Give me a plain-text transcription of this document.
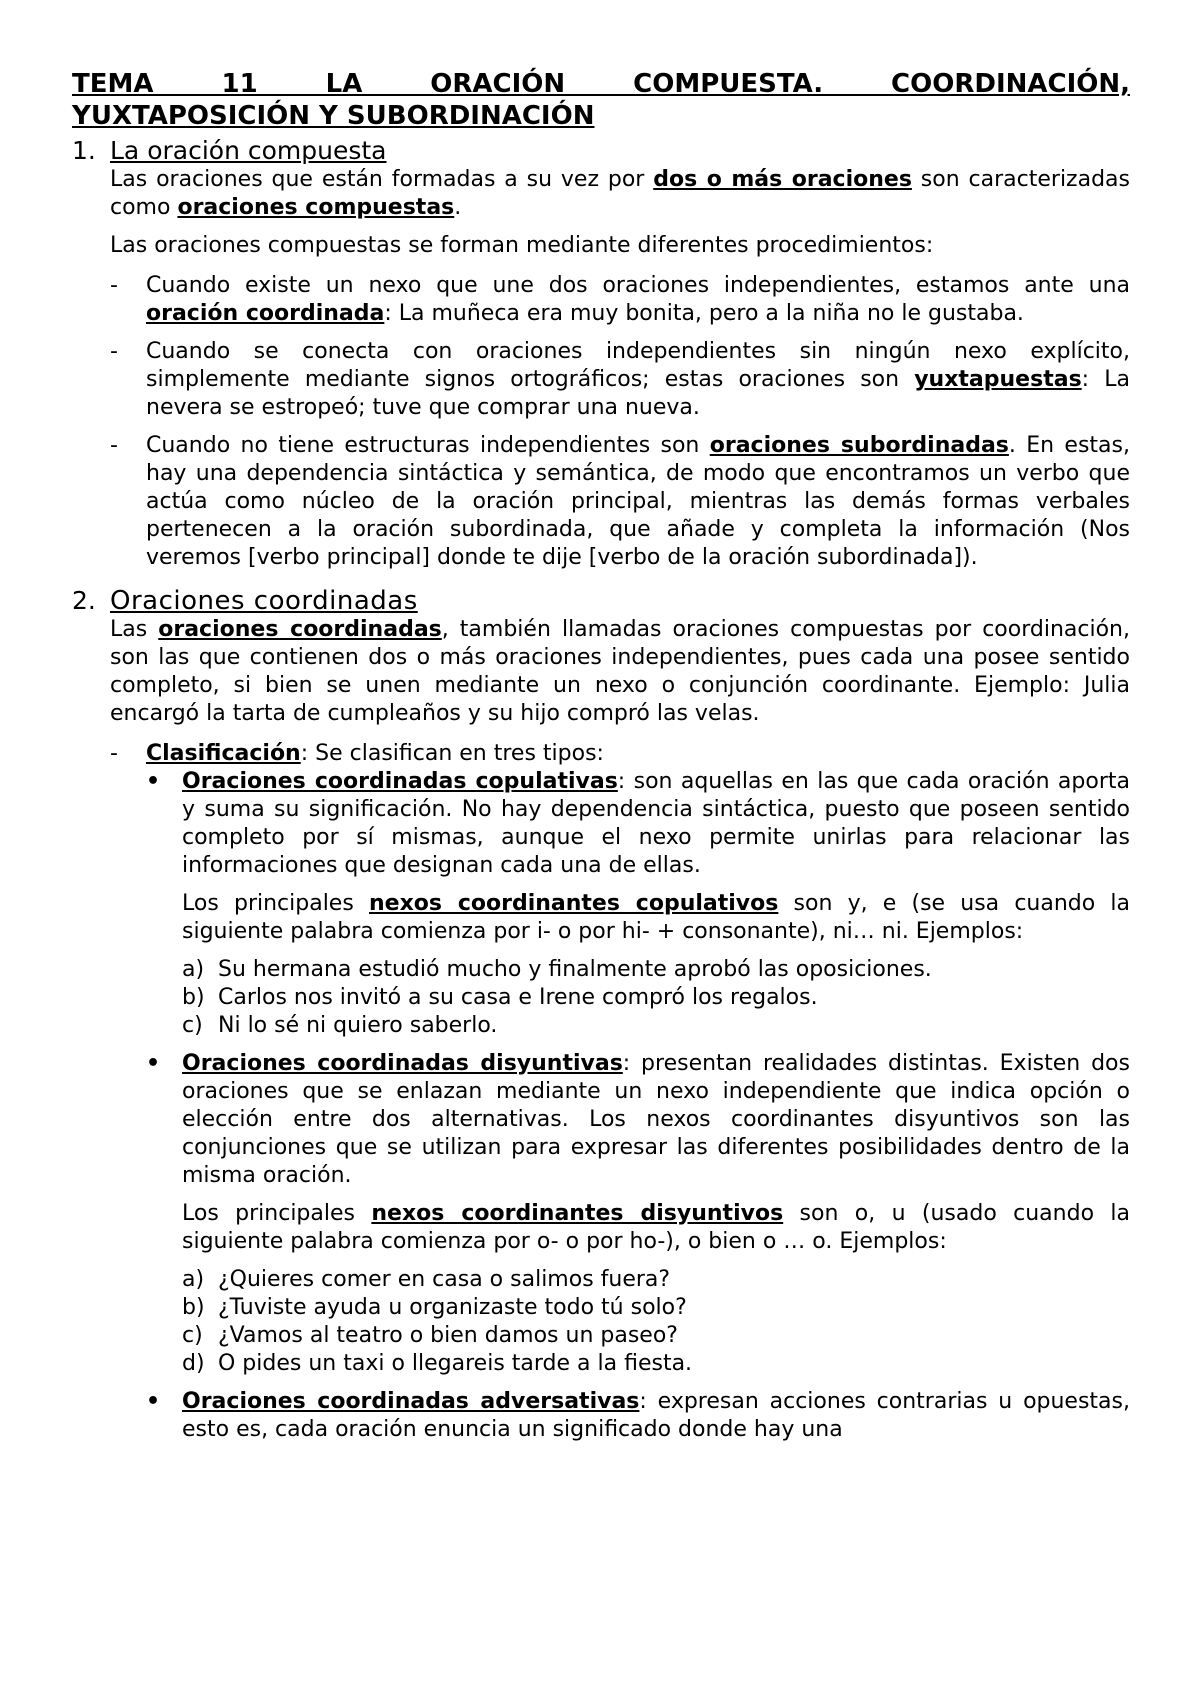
TEMA 11 LA ORACIÓN COMPUESTA. COORDINACIÓN,
YUXTAPOSICIÓN Y SUBORDINACIÓN
1. La oración compuesta

Las oraciones que están formadas a su vez por dos o más oraciones son caracterizadas como oraciones compuestas.

Las oraciones compuestas se forman mediante diferentes procedimientos:

-	Cuando existe un nexo que une dos oraciones independientes, estamos ante una oración coordinada: La muñeca era muy bonita, pero a la niña no le gustaba.
-	Cuando se conecta con oraciones independientes sin ningún nexo explícito, simplemente mediante signos ortográficos; estas oraciones son yuxtapuestas: La nevera se estropeó; tuve que comprar una nueva.
-	Cuando no tiene estructuras independientes son oraciones subordinadas. En estas, hay una dependencia sintáctica y semántica, de modo que encontramos un verbo que actúa como núcleo de la oración principal, mientras las demás formas verbales pertenecen a la oración subordinada, que añade y completa la información (Nos veremos [verbo principal] donde te dije [verbo de la oración subordinada]).
2. Oraciones coordinadas

Las oraciones coordinadas, también llamadas oraciones compuestas por coordinación, son las que contienen dos o más oraciones independientes, pues cada una posee sentido completo, si bien se unen mediante un nexo o conjunción coordinante. Ejemplo: Julia encargó la tarta de cumpleaños y su hijo compró las velas.

-	Clasificación: Se clasifican en tres tipos:
• Oraciones coordinadas copulativas: son aquellas en las que cada oración aporta y suma su significación. No hay dependencia sintáctica, puesto que poseen sentido completo por sí mismas, aunque el nexo permite unirlas para relacionar las informaciones que designan cada una de ellas.
Los principales nexos coordinantes copulativos son y, e (se usa cuando la siguiente palabra comienza por i- o por hi- + consonante), ni… ni. Ejemplos:
a) Su hermana estudió mucho y finalmente aprobó las oposiciones.
b) Carlos nos invitó a su casa e Irene compró los regalos.
c) Ni lo sé ni quiero saberlo.
• Oraciones coordinadas disyuntivas: presentan realidades distintas. Existen dos oraciones que se enlazan mediante un nexo independiente que indica opción o elección entre dos alternativas. Los nexos coordinantes disyuntivos son las conjunciones que se utilizan para expresar las diferentes posibilidades dentro de la misma oración.
Los principales nexos coordinantes disyuntivos son o, u (usado cuando la siguiente palabra comienza por o- o por ho-), o bien o … o. Ejemplos:
a) ¿Quieres comer en casa o salimos fuera?
b) ¿Tuviste ayuda u organizaste todo tú solo?
c) ¿Vamos al teatro o bien damos un paseo?
d) O pides un taxi o llegareis tarde a la fiesta.
• Oraciones coordinadas adversativas: expresan acciones contrarias u opuestas, esto es, cada oración enuncia un significado donde hay una
